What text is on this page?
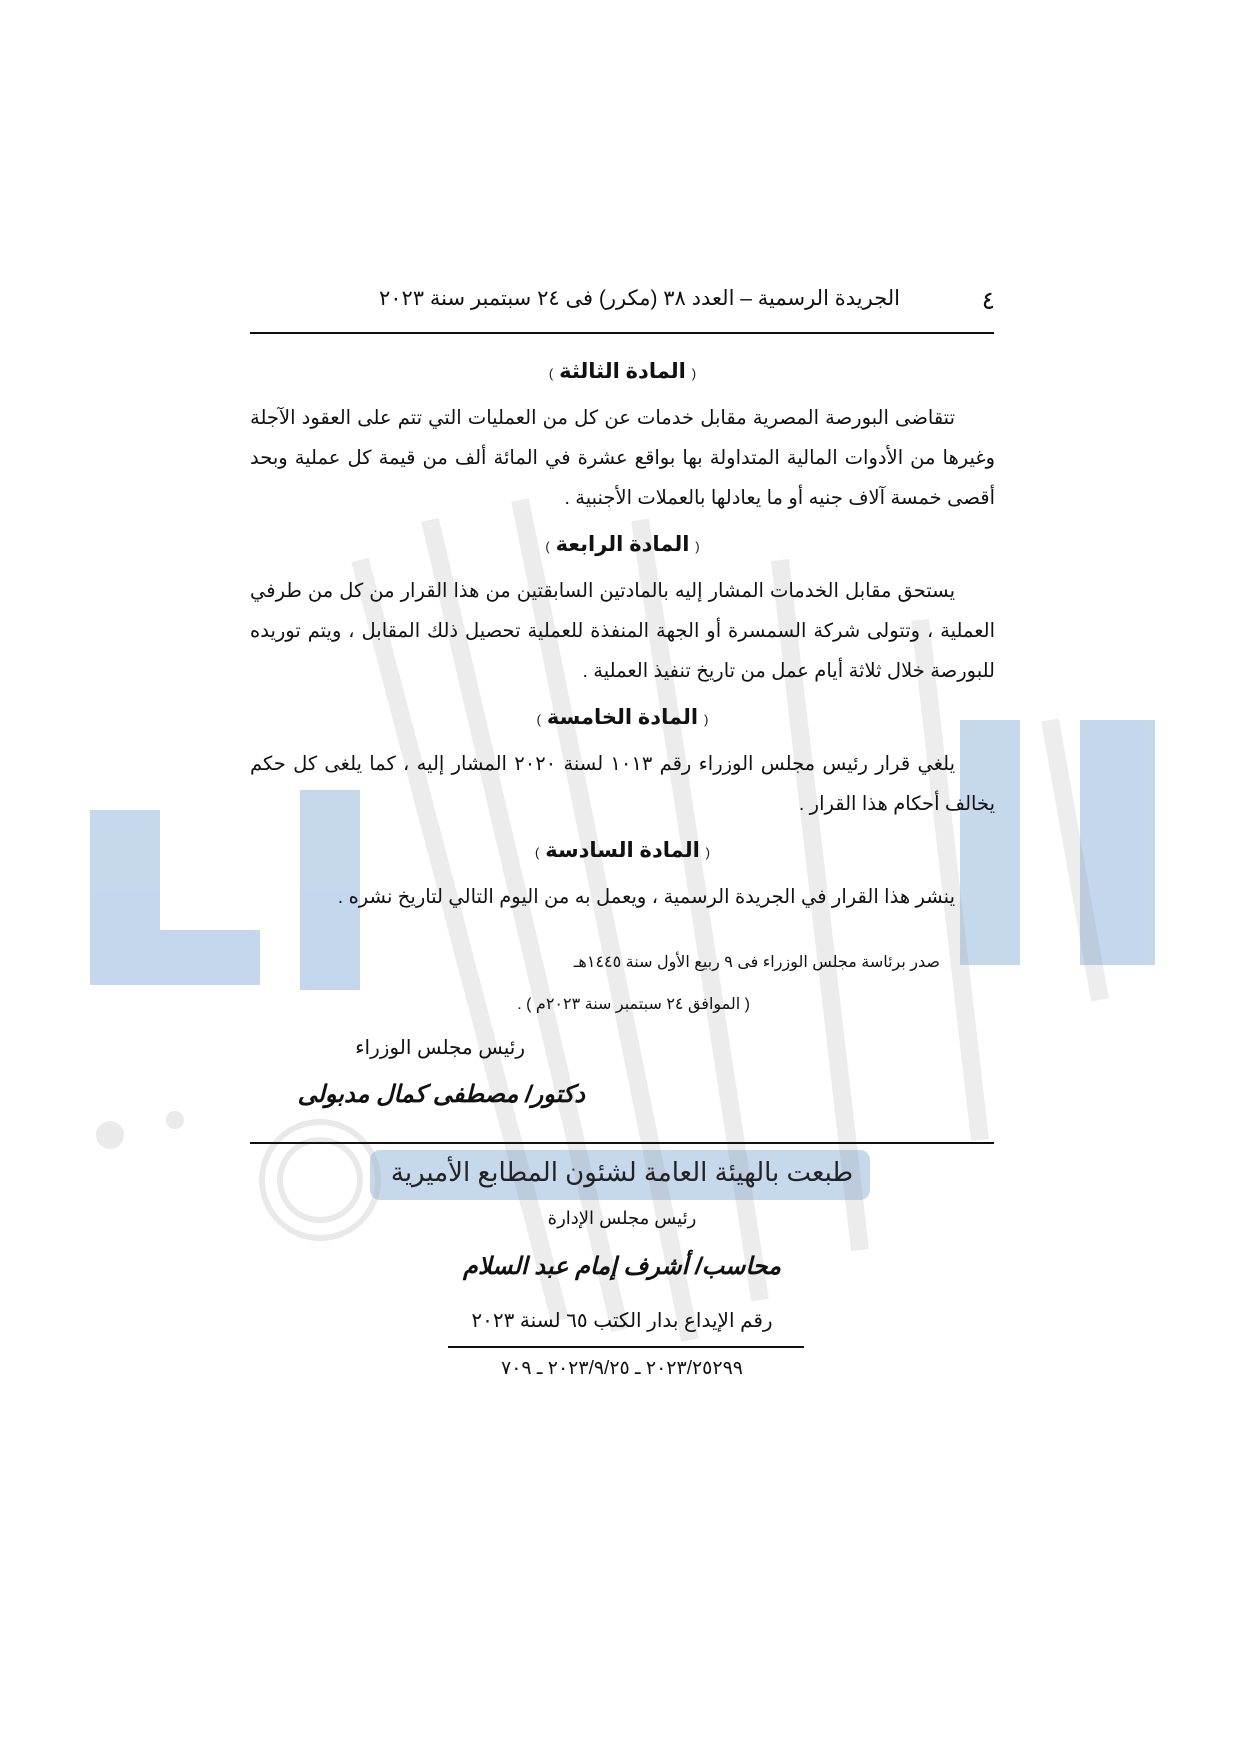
٤
الجريدة الرسمية – العدد ٣٨ (مكرر) فى ٢٤ سبتمبر سنة ٢٠٢٣
( المادة الثالثة )
تتقاضى البورصة المصرية مقابل خدمات عن كل من العمليات التي تتم على العقود الآجلة وغيرها من الأدوات المالية المتداولة بها بواقع عشرة في المائة ألف من قيمة كل عملية وبحد أقصى خمسة آلاف جنيه أو ما يعادلها بالعملات الأجنبية .
( المادة الرابعة )
يستحق مقابل الخدمات المشار إليه بالمادتين السابقتين من هذا القرار من كل من طرفي العملية ، وتتولى شركة السمسرة أو الجهة المنفذة للعملية تحصيل ذلك المقابل ، ويتم توريده للبورصة خلال ثلاثة أيام عمل من تاريخ تنفيذ العملية .
( المادة الخامسة )
يلغي قرار رئيس مجلس الوزراء رقم ١٠١٣ لسنة ٢٠٢٠ المشار إليه ، كما يلغى كل حكم يخالف أحكام هذا القرار .
( المادة السادسة )
ينشر هذا القرار في الجريدة الرسمية ، ويعمل به من اليوم التالي لتاريخ نشره .
صدر برئاسة مجلس الوزراء فى ٩ ربيع الأول سنة ١٤٤٥هـ
( الموافق ٢٤ سبتمبر سنة ٢٠٢٣م ) .
رئيس مجلس الوزراء
دكتور/ مصطفى كمال مدبولى
طبعت بالهيئة العامة لشئون المطابع الأميرية
رئيس مجلس الإدارة
محاسب/ أشرف إمام عبد السلام
رقم الإيداع بدار الكتب ٦٥ لسنة ٢٠٢٣
٢٠٢٣/٢٥٢٩٩ ـ ٢٠٢٣/٩/٢٥ ـ ٧٠٩
